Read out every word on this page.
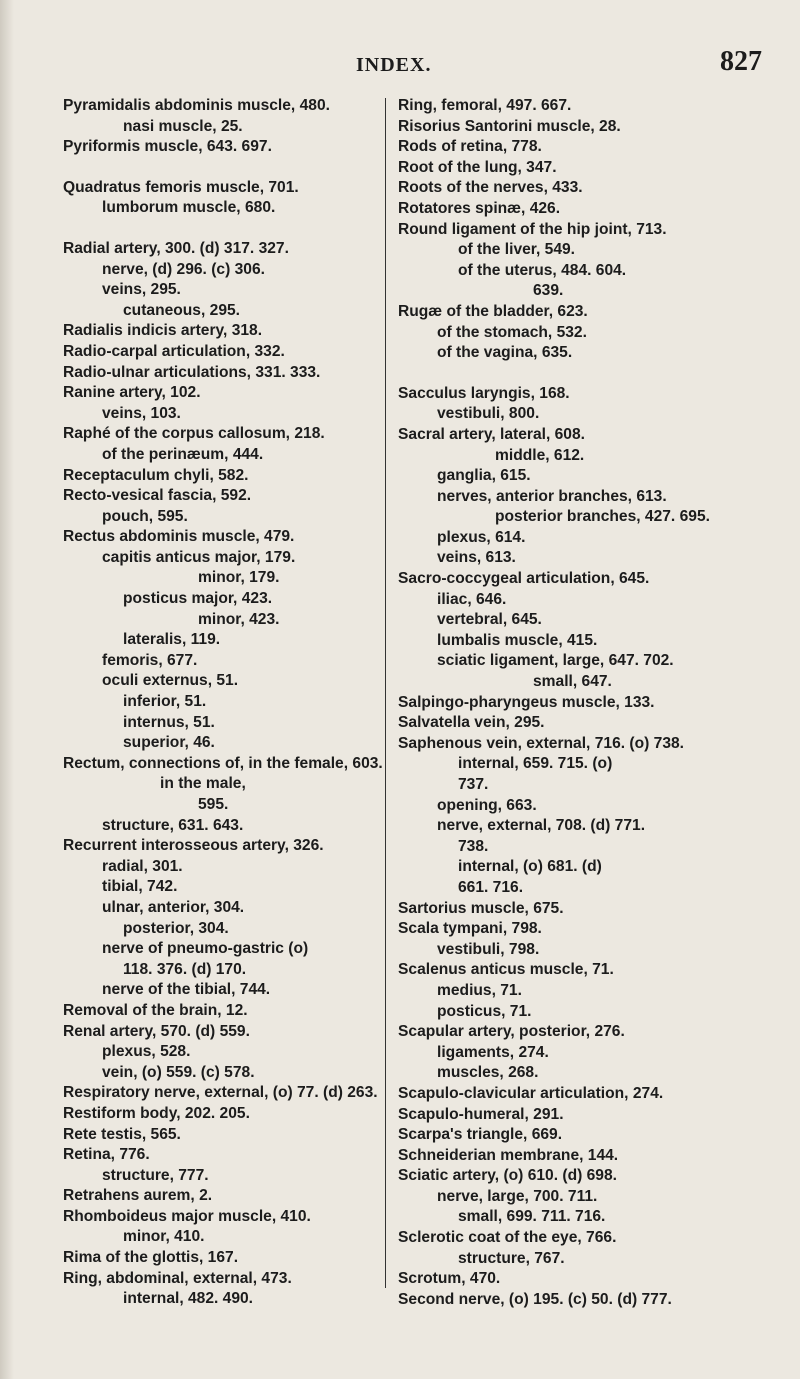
INDEX.	827
Pyramidalis abdominis muscle, 480.
nasi muscle, 25.
Pyriformis muscle, 643. 697.
Quadratus femoris muscle, 701.
lumborum muscle, 680.
Radial artery, 300. (d) 317. 327.
nerve, (d) 296. (c) 306.
veins, 295.
cutaneous, 295.
Radialis indicis artery, 318.
Radio-carpal articulation, 332.
Radio-ulnar articulations, 331. 333.
Ranine artery, 102.
veins, 103.
Raphé of the corpus callosum, 218.
of the perinæum, 444.
Receptaculum chyli, 582.
Recto-vesical fascia, 592.
pouch, 595.
Rectus abdominis muscle, 479.
capitis anticus major, 179.
minor, 179.
posticus major, 423.
minor, 423.
lateralis, 119.
femoris, 677.
oculi externus, 51.
inferior, 51.
internus, 51.
superior, 46.
Rectum, connections of, in the female, 603.
in the male,
595.
structure, 631. 643.
Recurrent interosseous artery, 326.
radial, 301.
tibial, 742.
ulnar, anterior, 304.
posterior, 304.
nerve of pneumo-gastric (o)
118. 376. (d) 170.
nerve of the tibial, 744.
Removal of the brain, 12.
Renal artery, 570. (d) 559.
plexus, 528.
vein, (o) 559. (c) 578.
Respiratory nerve, external, (o) 77. (d) 263.
Restiform body, 202. 205.
Rete testis, 565.
Retina, 776.
structure, 777.
Retrahens aurem, 2.
Rhomboideus major muscle, 410.
minor, 410.
Rima of the glottis, 167.
Ring, abdominal, external, 473.
internal, 482. 490.
Ring, femoral, 497. 667.
Risorius Santorini muscle, 28.
Rods of retina, 778.
Root of the lung, 347.
Roots of the nerves, 433.
Rotatores spinæ, 426.
Round ligament of the hip joint, 713.
of the liver, 549.
of the uterus, 484. 604.
639.
Rugæ of the bladder, 623.
of the stomach, 532.
of the vagina, 635.
Sacculus laryngis, 168.
vestibuli, 800.
Sacral artery, lateral, 608.
middle, 612.
ganglia, 615.
nerves, anterior branches, 613.
posterior branches, 427. 695.
plexus, 614.
veins, 613.
Sacro-coccygeal articulation, 645.
iliac, 646.
vertebral, 645.
lumbalis muscle, 415.
sciatic ligament, large, 647. 702.
small, 647.
Salpingo-pharyngeus muscle, 133.
Salvatella vein, 295.
Saphenous vein, external, 716. (o) 738.
internal, 659. 715. (o)
737.
opening, 663.
nerve, external, 708. (d) 771.
738.
internal, (o) 681. (d)
661. 716.
Sartorius muscle, 675.
Scala tympani, 798.
vestibuli, 798.
Scalenus anticus muscle, 71.
medius, 71.
posticus, 71.
Scapular artery, posterior, 276.
ligaments, 274.
muscles, 268.
Scapulo-clavicular articulation, 274.
Scapulo-humeral, 291.
Scarpa's triangle, 669.
Schneiderian membrane, 144.
Sciatic artery, (o) 610. (d) 698.
nerve, large, 700. 711.
small, 699. 711. 716.
Sclerotic coat of the eye, 766.
structure, 767.
Scrotum, 470.
Second nerve, (o) 195. (c) 50. (d) 777.
